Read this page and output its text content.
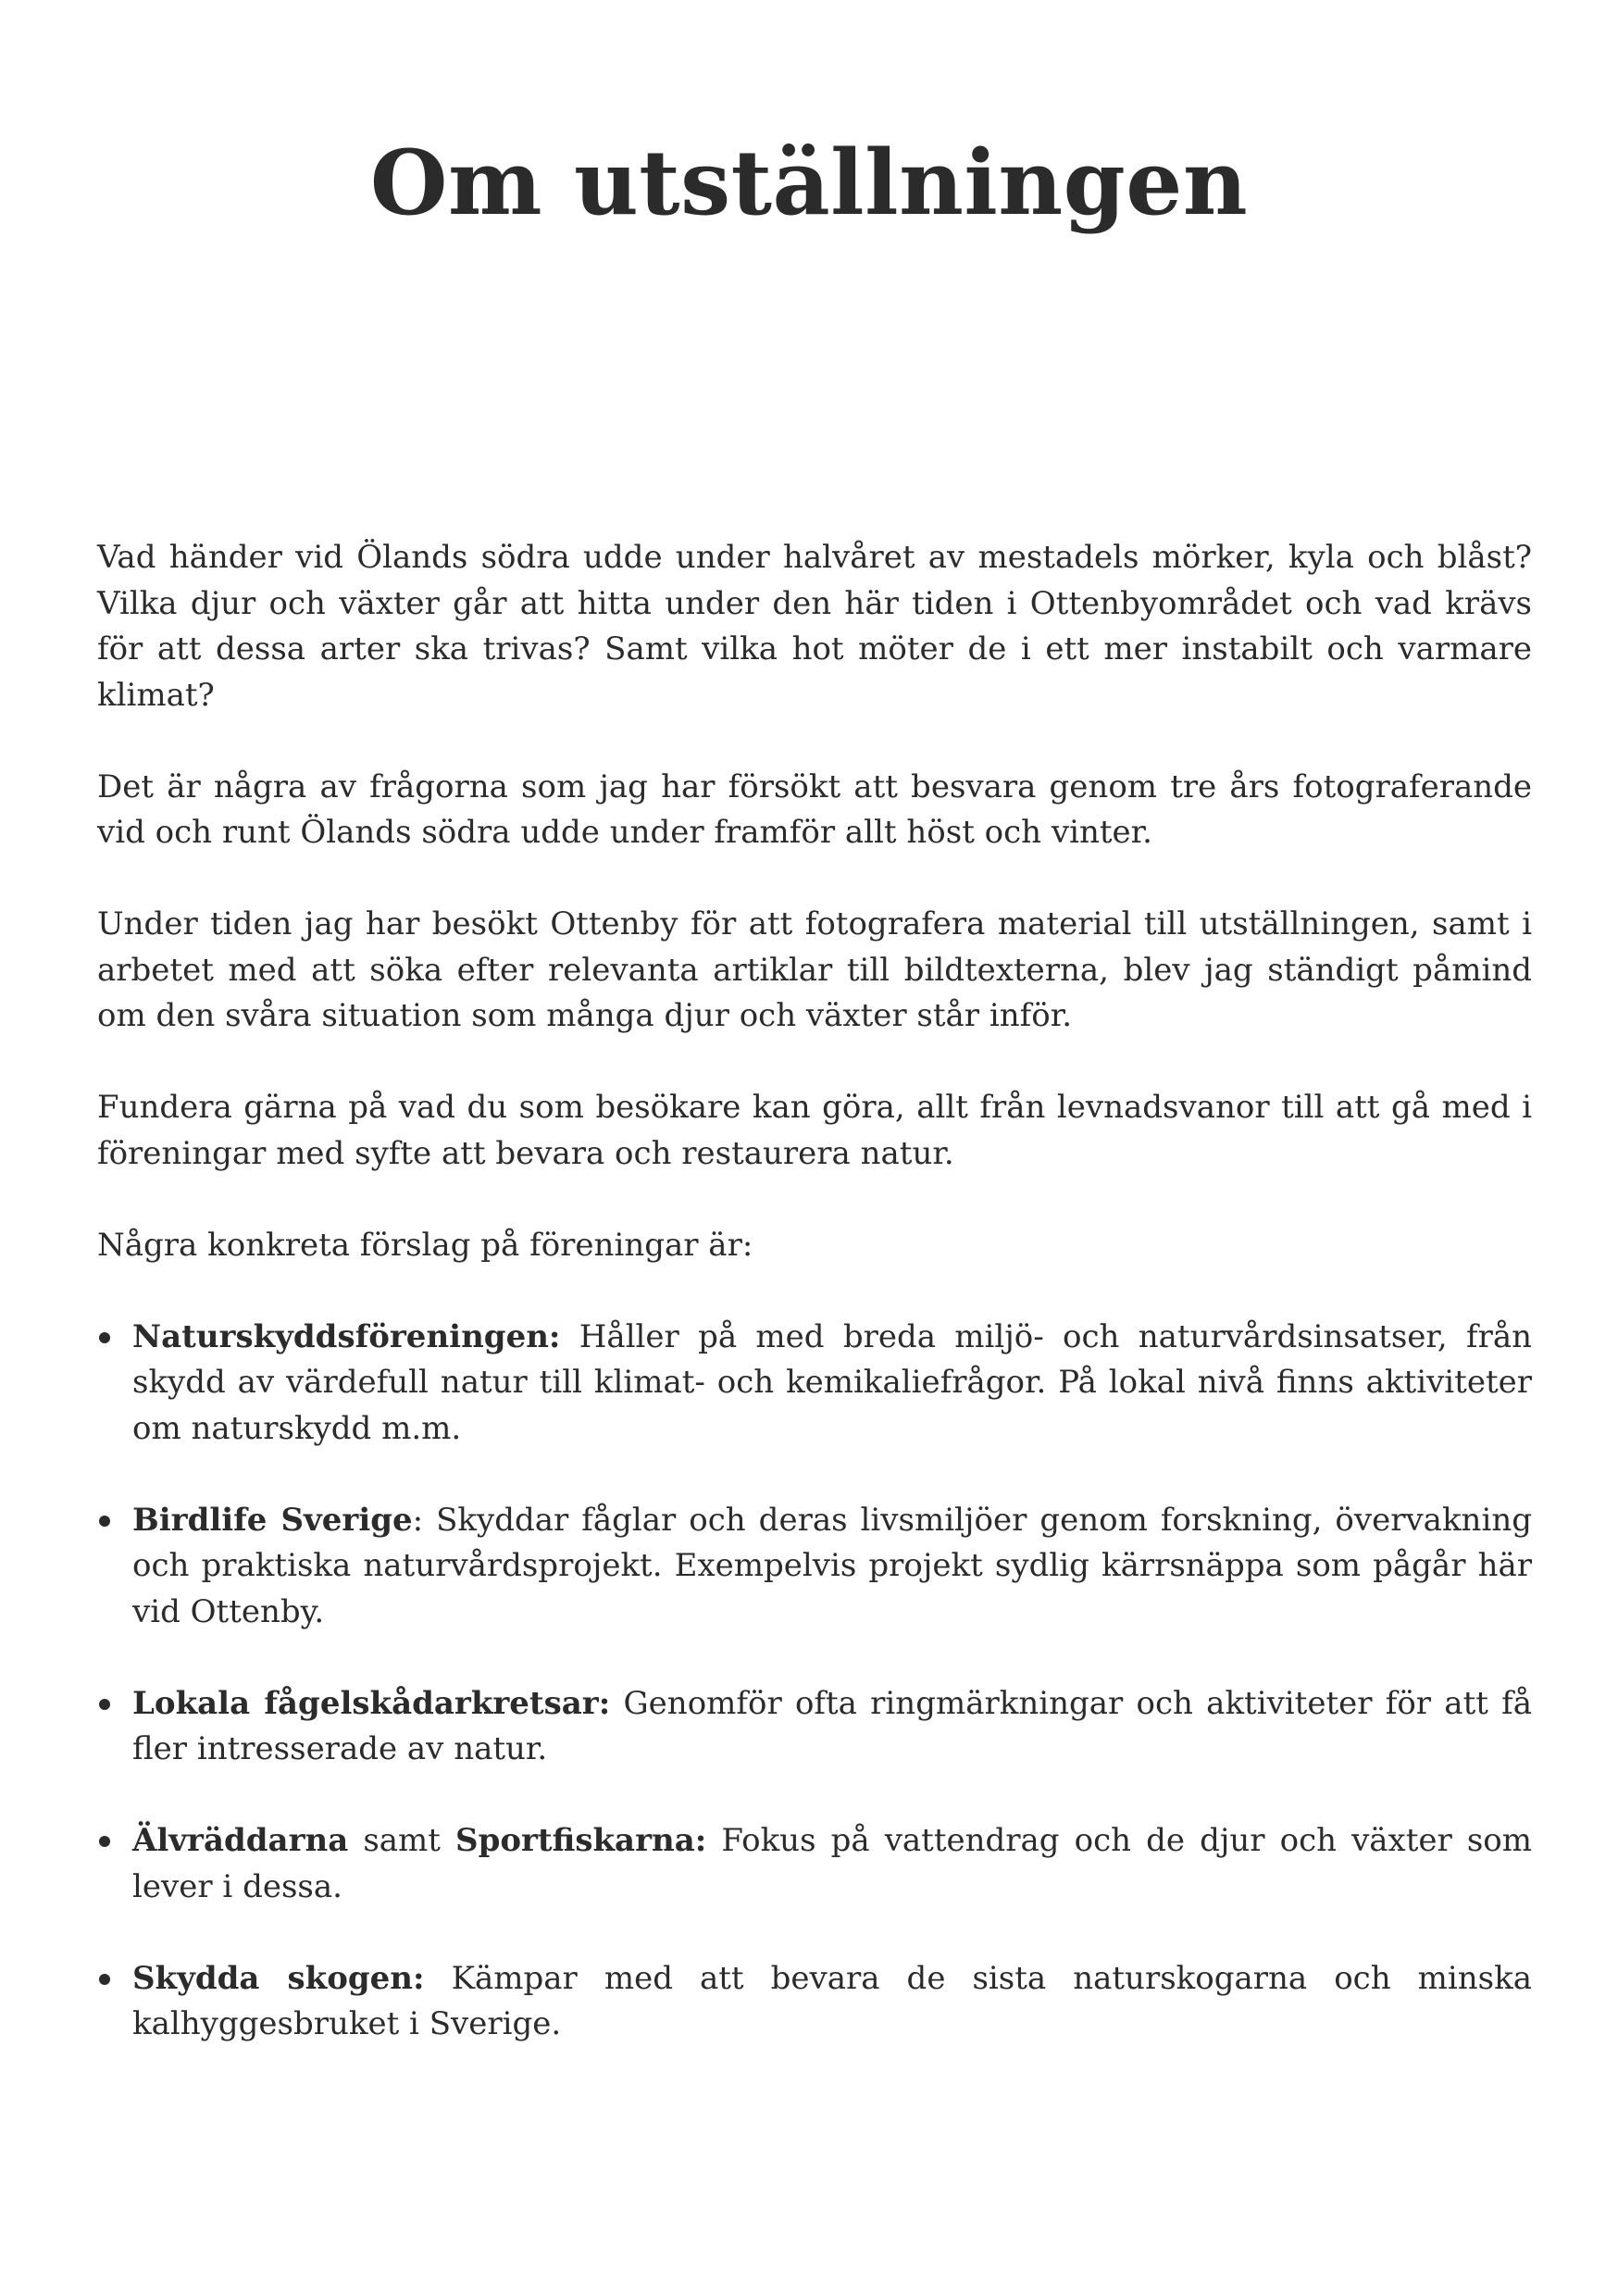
Om utställningen

Vad händer vid Ölands södra udde under halvåret av mestadels mörker, kyla och blåst? Vilka djur och växter går att hitta under den här tiden i Ottenbyområdet och vad krävs för att dessa arter ska trivas? Samt vilka hot möter de i ett mer instabilt och varmare klimat?

Det är några av frågorna som jag har försökt att besvara genom tre års fotograferande vid och runt Ölands södra udde under framför allt höst och vinter.

Under tiden jag har besökt Ottenby för att fotografera material till utställningen, samt i arbetet med att söka efter relevanta artiklar till bildtexterna, blev jag ständigt påmind om den svåra situation som många djur och växter står inför.

Fundera gärna på vad du som besökare kan göra, allt från levnadsvanor till att gå med i föreningar med syfte att bevara och restaurera natur.

Några konkreta förslag på föreningar är:

Naturskyddsföreningen: Håller på med breda miljö- och naturvårdsinsatser, från skydd av värdefull natur till klimat- och kemikaliefrågor. På lokal nivå finns aktiviteter om naturskydd m.m.
Birdlife Sverige: Skyddar fåglar och deras livsmiljöer genom forskning, övervakning och praktiska naturvårdsprojekt. Exempelvis projekt sydlig kärrsnäppa som pågår här vid Ottenby.
Lokala fågelskådarkretsar: Genomför ofta ringmärkningar och aktiviteter för att få fler intresserade av natur.
Älvräddarna samt Sportfiskarna: Fokus på vattendrag och de djur och växter som lever i dessa.
Skydda skogen: Kämpar med att bevara de sista naturskogarna och minska kalhyggesbruket i Sverige.
